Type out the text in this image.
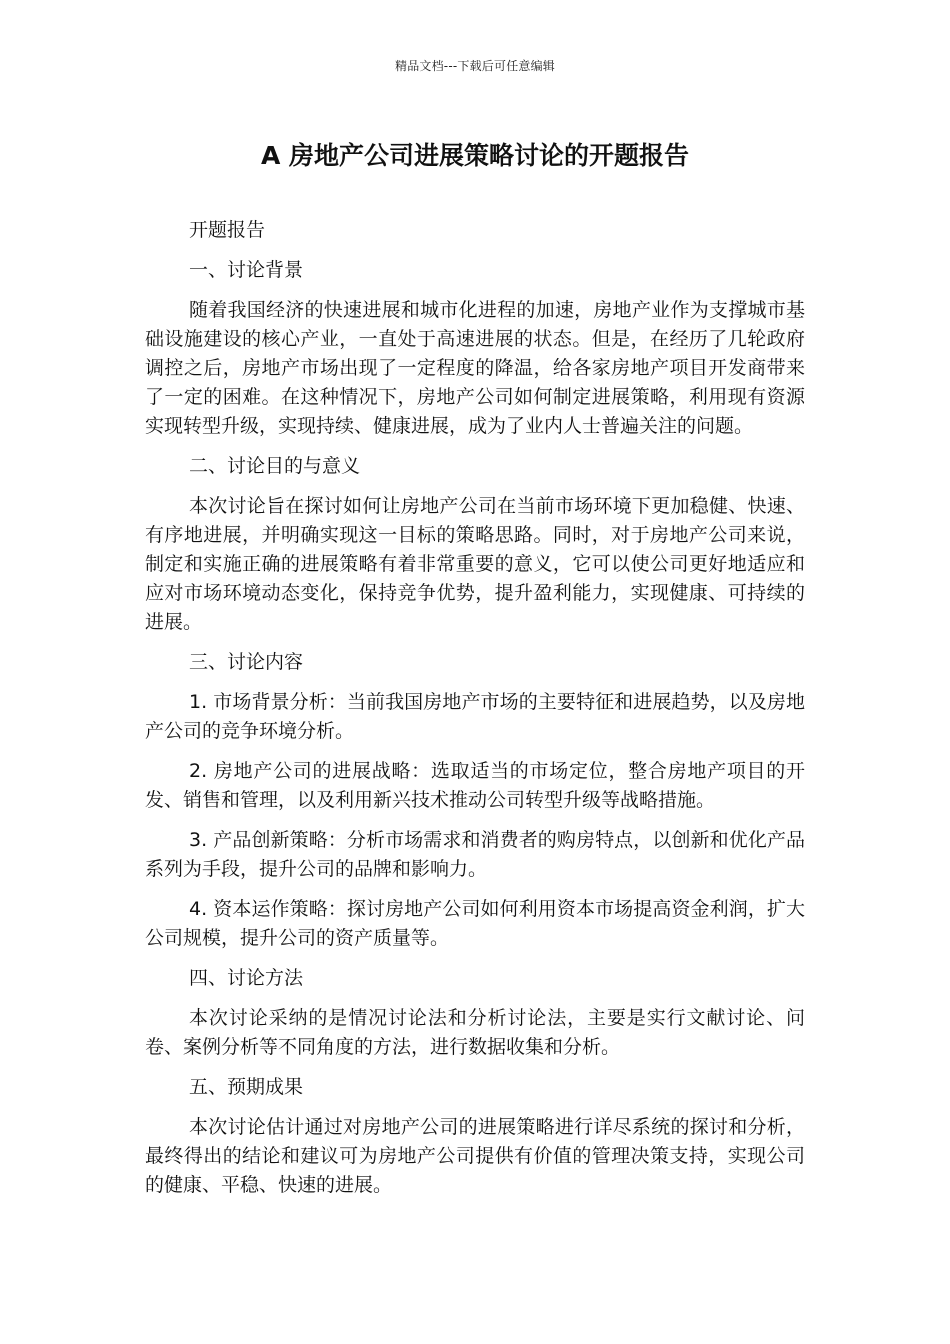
精品文档---下载后可任意编辑
A 房地产公司进展策略讨论的开题报告

开题报告

一、讨论背景

随着我国经济的快速进展和城市化进程的加速，房地产业作为支撑城市基础设施建设的核心产业，一直处于高速进展的状态。但是，在经历了几轮政府调控之后，房地产市场出现了一定程度的降温，给各家房地产项目开发商带来了一定的困难。在这种情况下，房地产公司如何制定进展策略，利用现有资源实现转型升级，实现持续、健康进展，成为了业内人士普遍关注的问题。

二、讨论目的与意义

本次讨论旨在探讨如何让房地产公司在当前市场环境下更加稳健、快速、有序地进展，并明确实现这一目标的策略思路。同时，对于房地产公司来说，制定和实施正确的进展策略有着非常重要的意义，它可以使公司更好地适应和应对市场环境动态变化，保持竞争优势，提升盈利能力，实现健康、可持续的进展。

三、讨论内容

1. 市场背景分析：当前我国房地产市场的主要特征和进展趋势，以及房地产公司的竞争环境分析。

2. 房地产公司的进展战略：选取适当的市场定位，整合房地产项目的开发、销售和管理，以及利用新兴技术推动公司转型升级等战略措施。

3. 产品创新策略：分析市场需求和消费者的购房特点，以创新和优化产品系列为手段，提升公司的品牌和影响力。

4. 资本运作策略：探讨房地产公司如何利用资本市场提高资金利润，扩大公司规模，提升公司的资产质量等。

四、讨论方法

本次讨论采纳的是情况讨论法和分析讨论法，主要是实行文献讨论、问卷、案例分析等不同角度的方法，进行数据收集和分析。

五、预期成果

本次讨论估计通过对房地产公司的进展策略进行详尽系统的探讨和分析，最终得出的结论和建议可为房地产公司提供有价值的管理决策支持，实现公司的健康、平稳、快速的进展。
